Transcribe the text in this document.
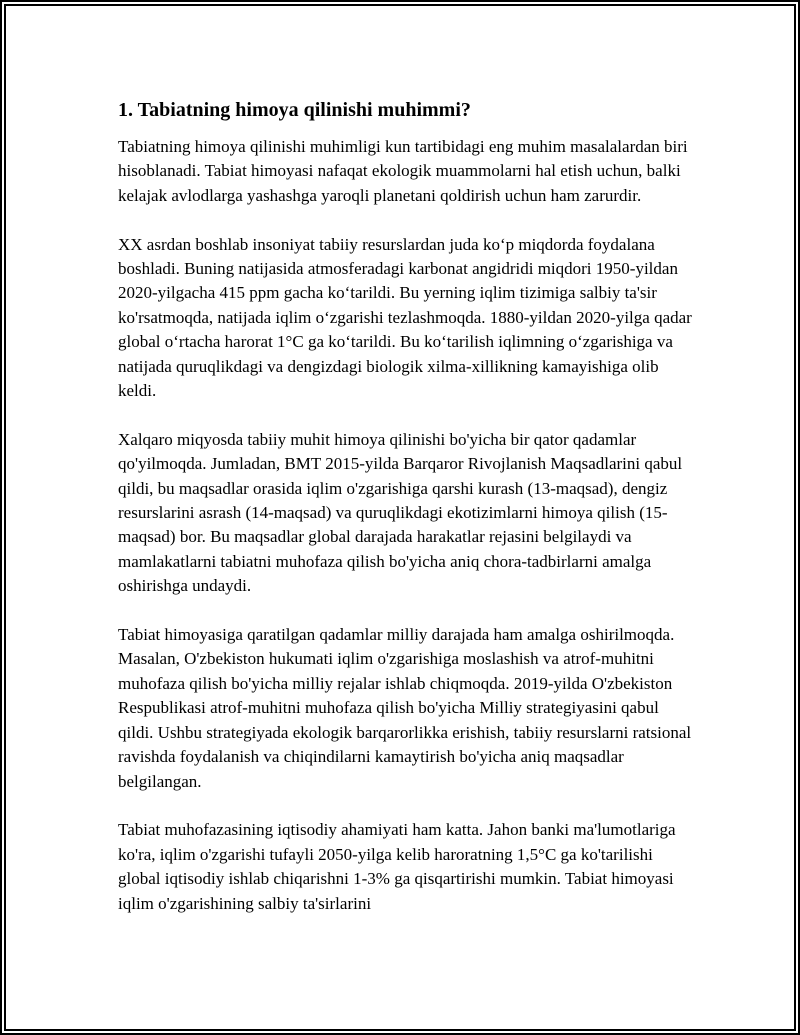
1. Tabiatning himoya qilinishi muhimmi?

Tabiatning himoya qilinishi muhimligi kun tartibidagi eng muhim masalalardan biri hisoblanadi. Tabiat himoyasi nafaqat ekologik muammolarni hal etish uchun, balki kelajak avlodlarga yashashga yaroqli planetani qoldirish uchun ham zarurdir.

XX asrdan boshlab insoniyat tabiiy resurslardan juda ko‘p miqdorda foydalana boshladi. Buning natijasida atmosferadagi karbonat angidridi miqdori 1950-yildan 2020-yilgacha 415 ppm gacha ko‘tarildi. Bu yerning iqlim tizimiga salbiy ta'sir ko'rsatmoqda, natijada iqlim o‘zgarishi tezlashmoqda. 1880-yildan 2020-yilga qadar global o‘rtacha harorat 1°C ga ko‘tarildi. Bu ko‘tarilish iqlimning o‘zgarishiga va natijada quruqlikdagi va dengizdagi biologik xilma-xillikning kamayishiga olib keldi.

Xalqaro miqyosda tabiiy muhit himoya qilinishi bo'yicha bir qator qadamlar qo'yilmoqda. Jumladan, BMT 2015-yilda Barqaror Rivojlanish Maqsadlarini qabul qildi, bu maqsadlar orasida iqlim o'zgarishiga qarshi kurash (13-maqsad), dengiz resurslarini asrash (14-maqsad) va quruqlikdagi ekotizimlarni himoya qilish (15-maqsad) bor. Bu maqsadlar global darajada harakatlar rejasini belgilaydi va mamlakatlarni tabiatni muhofaza qilish bo'yicha aniq chora-tadbirlarni amalga oshirishga undaydi.

Tabiat himoyasiga qaratilgan qadamlar milliy darajada ham amalga oshirilmoqda. Masalan, O'zbekiston hukumati iqlim o'zgarishiga moslashish va atrof-muhitni muhofaza qilish bo'yicha milliy rejalar ishlab chiqmoqda. 2019-yilda O'zbekiston Respublikasi atrof-muhitni muhofaza qilish bo'yicha Milliy strategiyasini qabul qildi. Ushbu strategiyada ekologik barqarorlikka erishish, tabiiy resurslarni ratsional ravishda foydalanish va chiqindilarni kamaytirish bo'yicha aniq maqsadlar belgilangan.

Tabiat muhofazasining iqtisodiy ahamiyati ham katta. Jahon banki ma'lumotlariga ko'ra, iqlim o'zgarishi tufayli 2050-yilga kelib haroratning 1,5°C ga ko'tarilishi global iqtisodiy ishlab chiqarishni 1-3% ga qisqartirishi mumkin. Tabiat himoyasi iqlim o'zgarishining salbiy ta'sirlarini
